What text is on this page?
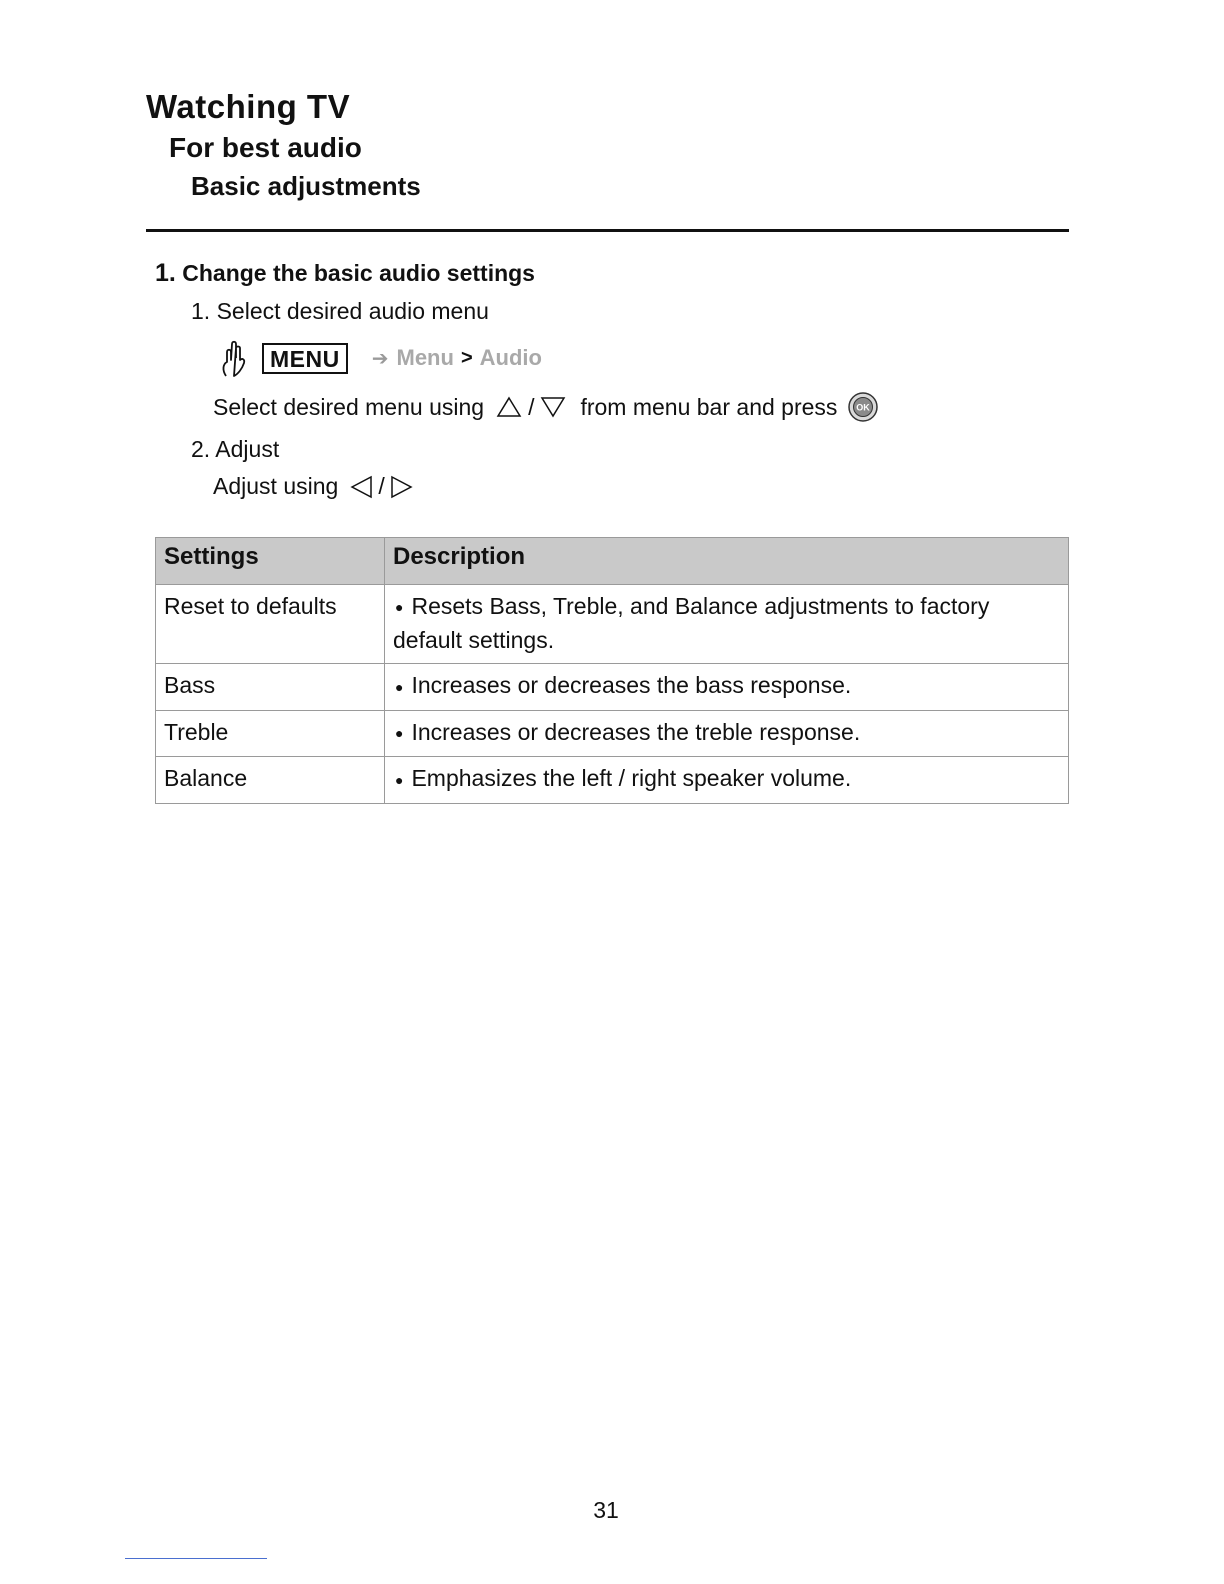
Watching TV
For best audio
Basic adjustments
1. Change the basic audio settings
1. Select desired audio menu
MENU	➔ Menu > Audio
Select desired menu using / from menu bar and press OK
2. Adjust
Adjust using /
Settings	Description
Reset to defaults	● Resets Bass, Treble, and Balance adjustments to factory default settings.
Bass	● Increases or decreases the bass response.
Treble	● Increases or decreases the treble response.
Balance	● Emphasizes the left / right speaker volume.
31
